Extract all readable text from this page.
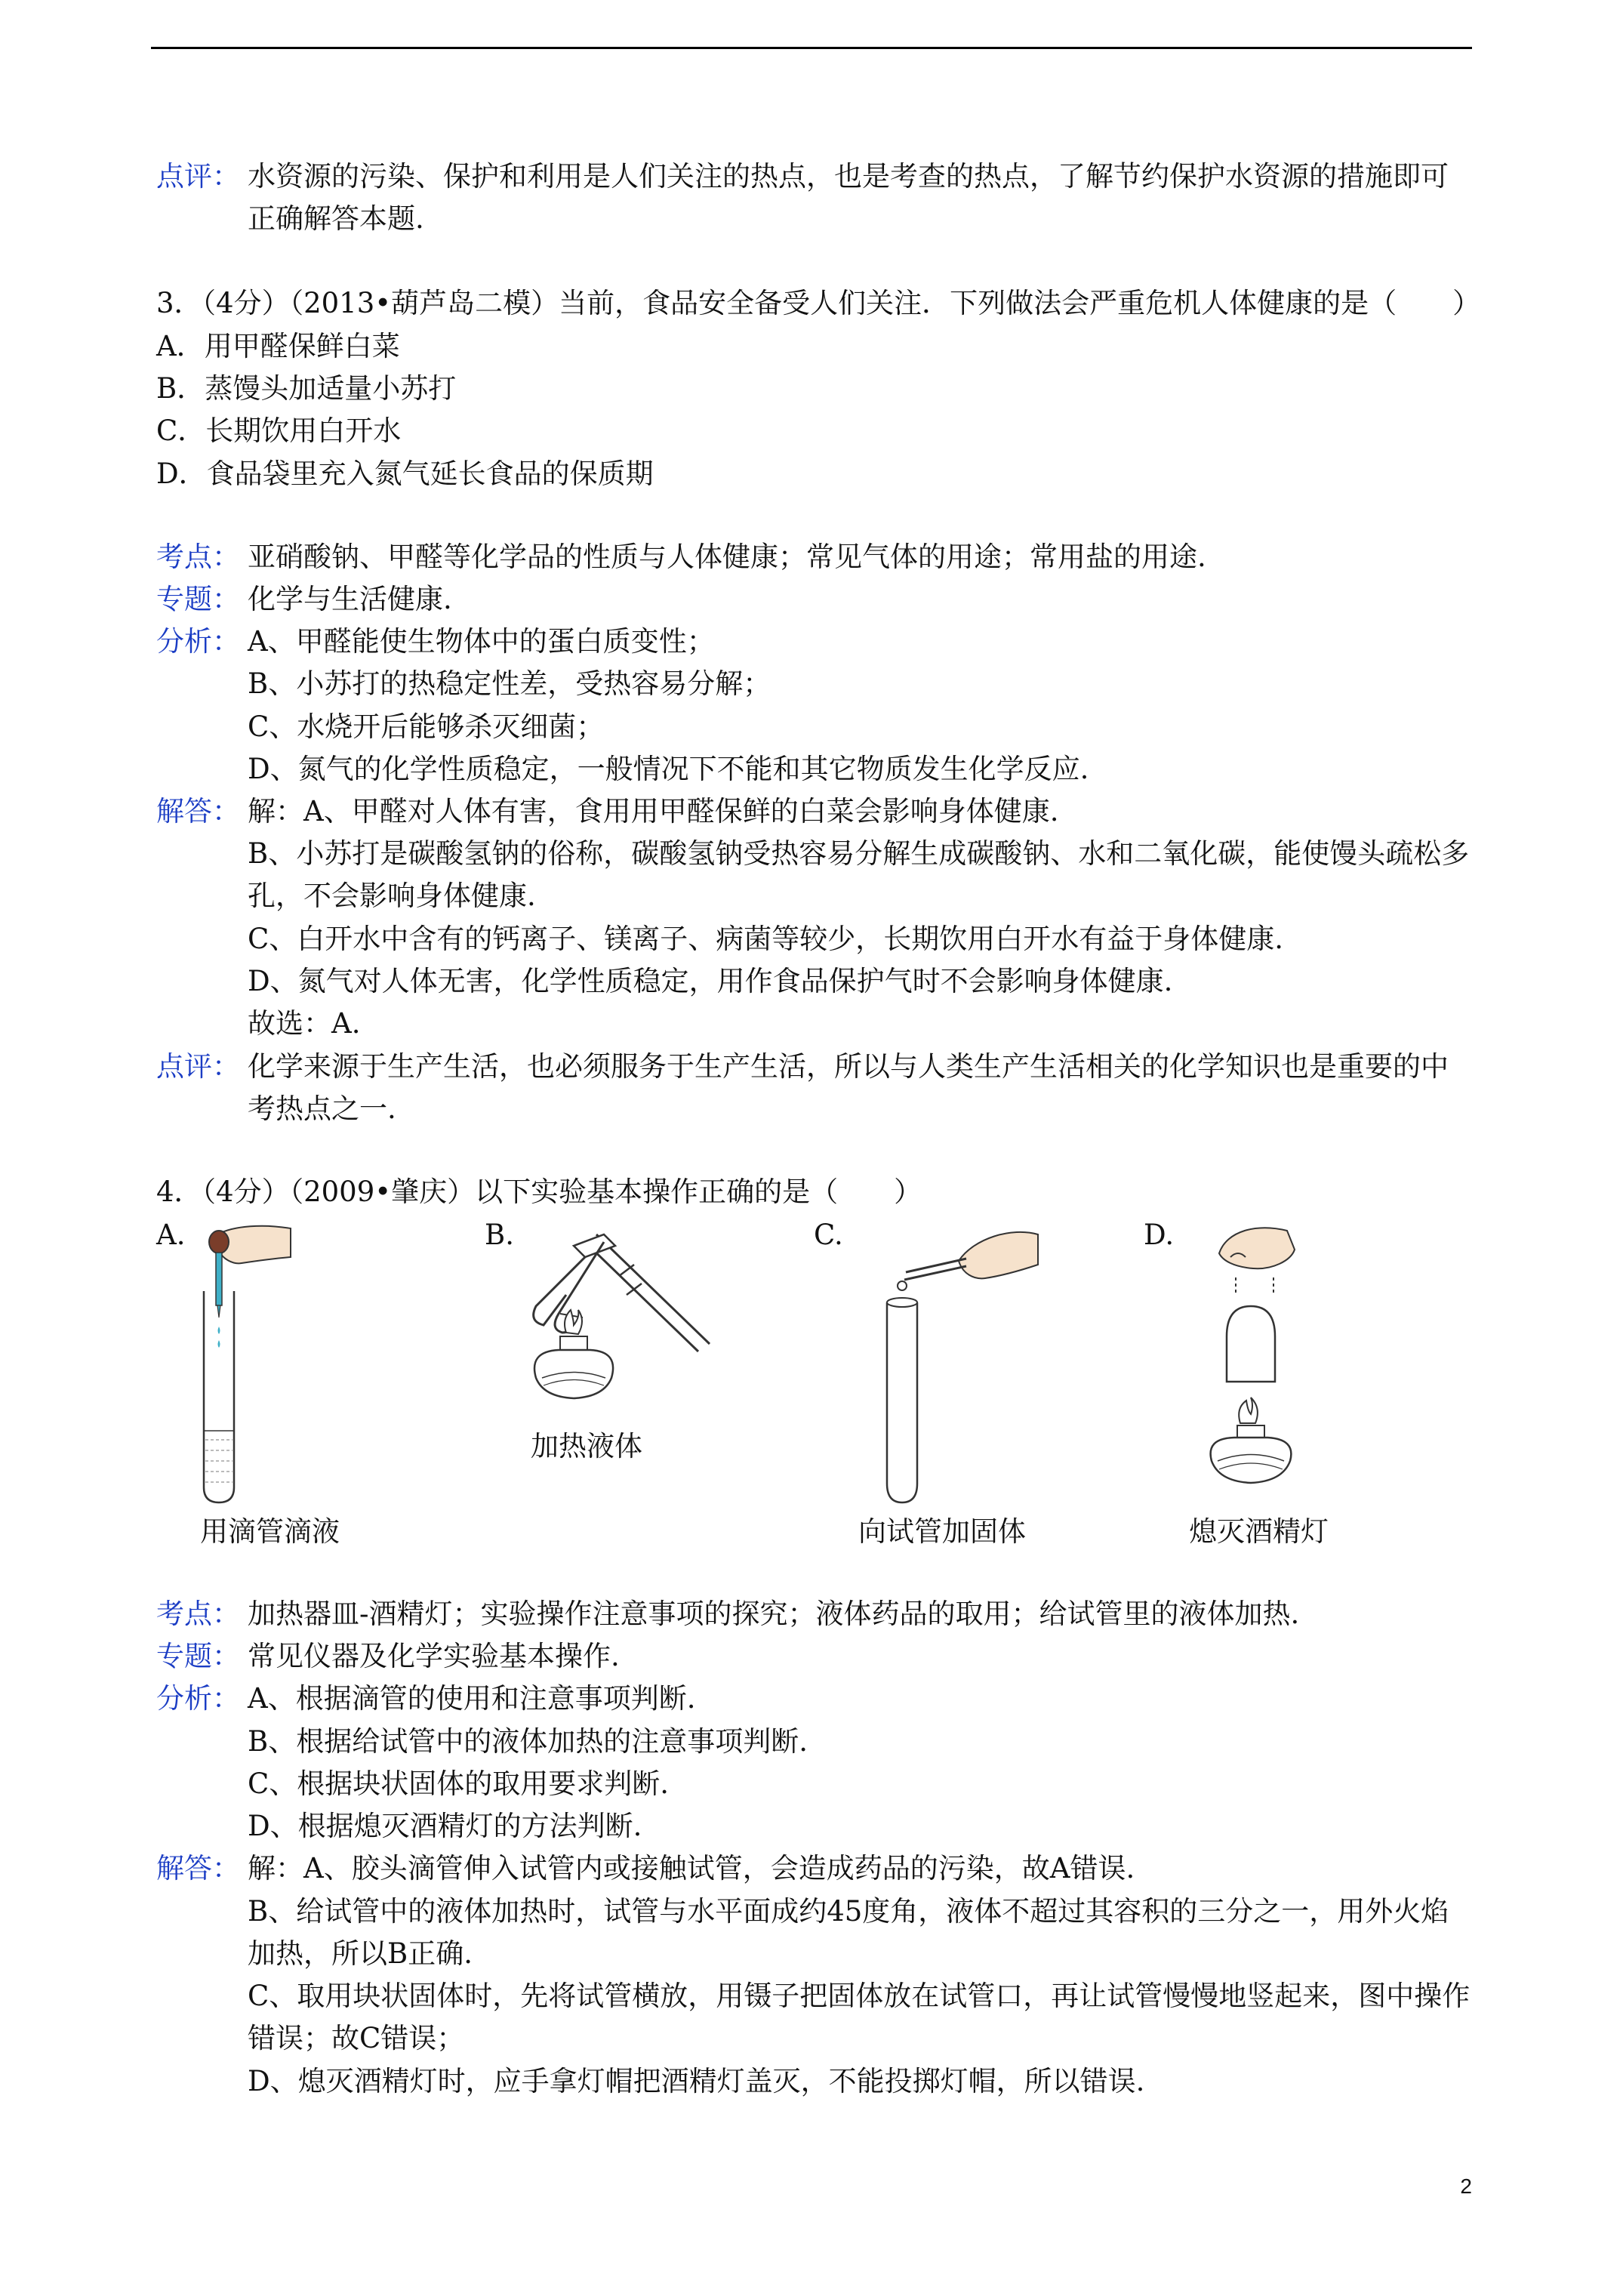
点评： 水资源的污染、保护和利用是人们关注的热点，也是考查的热点，了解节约保护水资源的措施即可
正确解答本题.
3．（4分）（2013•葫芦岛二模）当前，食品安全备受人们关注．下列做法会严重危机人体健康的是（　　）
A．用甲醛保鲜白菜
B．蒸馒头加适量小苏打
C．长期饮用白开水
D．食品袋里充入氮气延长食品的保质期
考点： 亚硝酸钠、甲醛等化学品的性质与人体健康；常见气体的用途；常用盐的用途.
专题： 化学与生活健康.
分析： A、甲醛能使生物体中的蛋白质变性；
B、小苏打的热稳定性差，受热容易分解；
C、水烧开后能够杀灭细菌；
D、氮气的化学性质稳定，一般情况下不能和其它物质发生化学反应.
解答： 解：A、甲醛对人体有害，食用用甲醛保鲜的白菜会影响身体健康.
B、小苏打是碳酸氢钠的俗称，碳酸氢钠受热容易分解生成碳酸钠、水和二氧化碳，能使馒头疏松多
孔，不会影响身体健康.
C、白开水中含有的钙离子、镁离子、病菌等较少，长期饮用白开水有益于身体健康.
D、氮气对人体无害，化学性质稳定，用作食品保护气时不会影响身体健康.
故选：A.
点评： 化学来源于生产生活，也必须服务于生产生活，所以与人类生产生活相关的化学知识也是重要的中
考热点之一.
4．（4分）（2009•肇庆）以下实验基本操作正确的是（　　）
A.	B.	C.	D.
加热液体
用滴管滴液	向试管加固体	熄灭酒精灯
考点： 加热器皿-酒精灯；实验操作注意事项的探究；液体药品的取用；给试管里的液体加热.
专题： 常见仪器及化学实验基本操作.
分析： A、根据滴管的使用和注意事项判断.
B、根据给试管中的液体加热的注意事项判断.
C、根据块状固体的取用要求判断.
D、根据熄灭酒精灯的方法判断.
解答： 解：A、胶头滴管伸入试管内或接触试管，会造成药品的污染，故A错误.
B、给试管中的液体加热时，试管与水平面成约45度角，液体不超过其容积的三分之一，用外火焰
加热，所以B正确.
C、取用块状固体时，先将试管横放，用镊子把固体放在试管口，再让试管慢慢地竖起来，图中操作
错误；故C错误；
D、熄灭酒精灯时，应手拿灯帽把酒精灯盖灭，不能投掷灯帽，所以错误.
2
